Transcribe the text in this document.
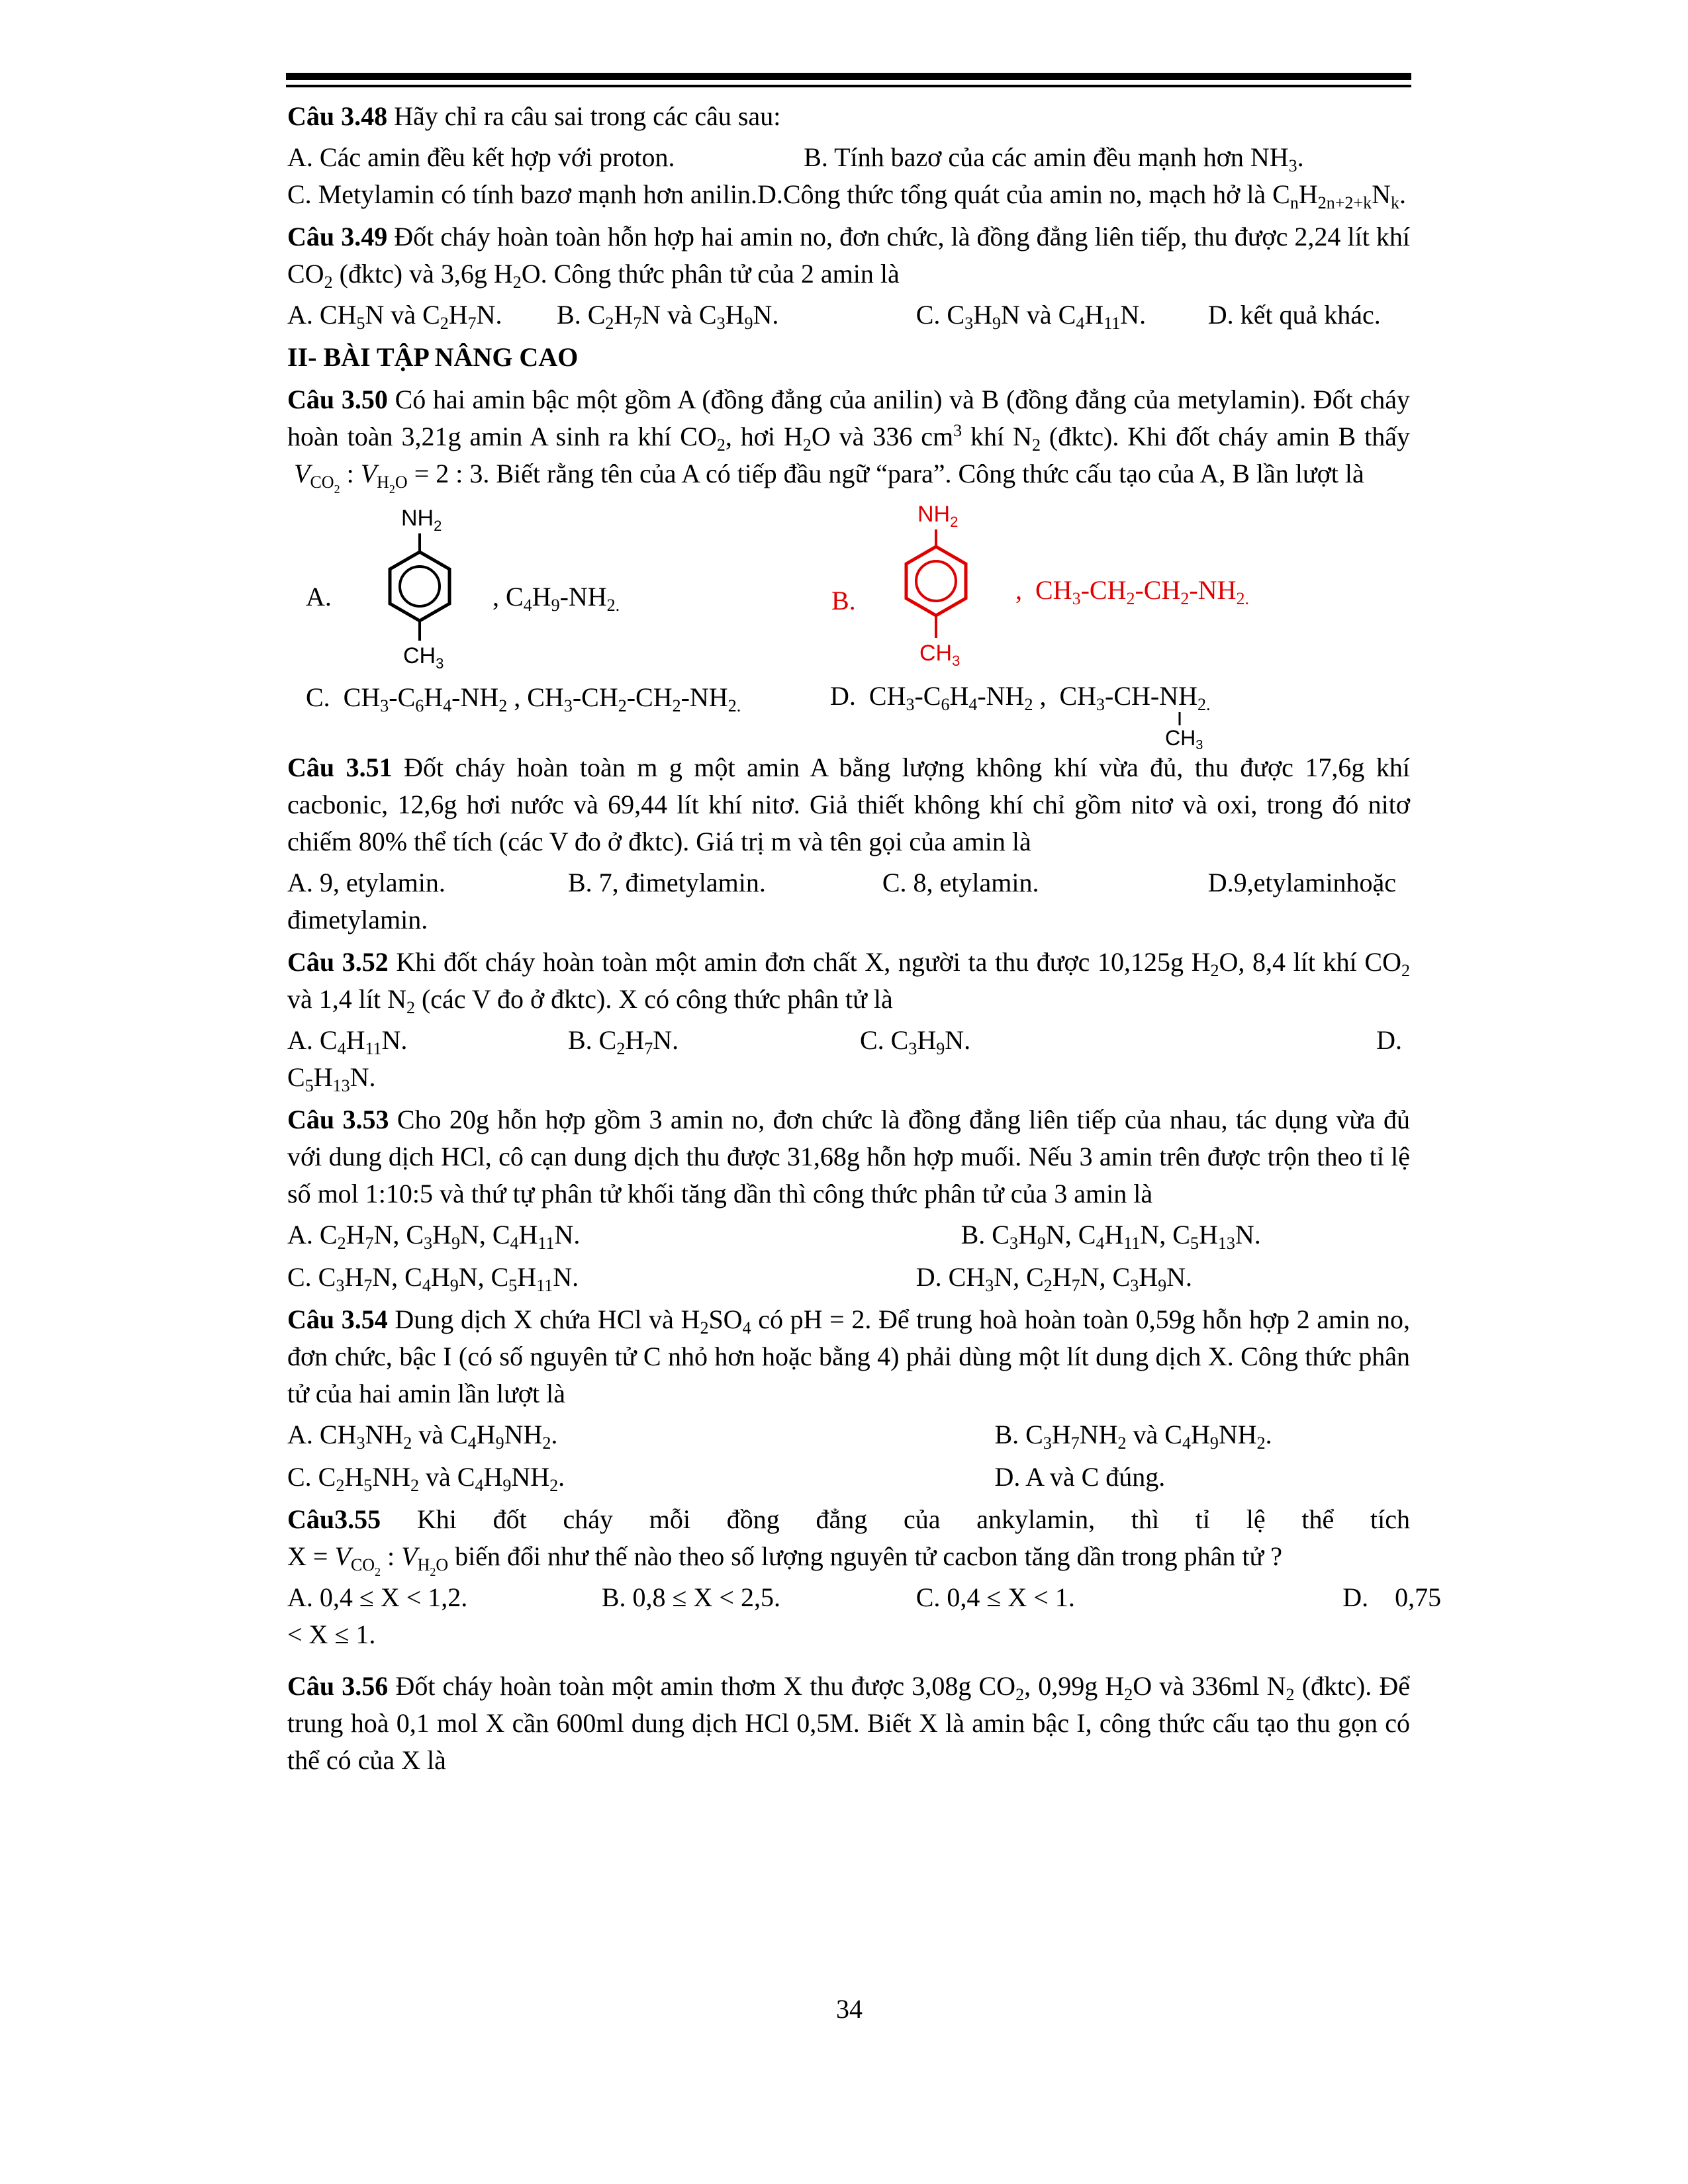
Câu 3.48 Hãy chỉ ra câu sai trong các câu sau:

A. Các amin đều kết hợp với proton.	B. Tính bazơ của các amin đều mạnh hơn $NH_3$.
C. Metylamin có tính bazơ mạnh hơn anilin.D.Công thức tổng quát của amin no, mạch hở là $C_nH_{2n+2+k}N_k$.

Câu 3.49 Đốt cháy hoàn toàn hỗn hợp hai amin no, đơn chức, là đồng đẳng liên tiếp, thu được 2,24 lít khí $CO_2$ (đktc) và 3,6g $H_2O$. Công thức phân tử của 2 amin là

A. $CH_5N$ và $C_2H_7N$.	B. $C_2H_7N$ và $C_3H_9N$.	C. $C_3H_9N$ và $C_4H_{11}N$.	D. kết quả khác.

II- BÀI TẬP NÂNG CAO

Câu 3.50 Có hai amin bậc một gồm A (đồng đẳng của anilin) và B (đồng đẳng của metylamin). Đốt cháy hoàn toàn 3,21g amin A sinh ra khí $CO_2$, hơi $H_2O$ và 336 $cm^3$ khí $N_2$ (đktc). Khi đốt cháy amin B thấy  $V_{CO_2}$ : $V_{H_2O} = 2$ : 3. Biết rằng tên của A có tiếp đầu ngữ “para”. Công thức cấu tạo của A, B lần lượt là

A.
$NH_2$
$CH_3$
, $C_4H_9-NH_{2.}$	B.
$NH_2$
$CH_3$
,  $CH_3-CH_2-CH_2-NH_{2.}$
C.  $CH_3-C_6H_4-NH_2$ , $CH_3-CH_2-CH_2-NH_{2.}$	D.  $CH_3-C_6H_4-NH_2$ ,  $CH_3-CH-NH_{2.}$
CH3

Câu 3.51 Đốt cháy hoàn toàn m g một amin A bằng lượng không khí vừa đủ, thu được 17,6g khí cacbonic, 12,6g hơi nước và 69,44 lít khí nitơ. Giả thiết không khí chỉ gồm nitơ và oxi, trong đó nitơ chiếm 80% thể tích (các V đo ở đktc). Giá trị m và tên gọi của amin là

A. 9, etylamin.	B. 7, đimetylamin.	C. 8, etylamin.	D.9,etylaminhoặc
đimetylamin.

Câu 3.52 Khi đốt cháy hoàn toàn một amin đơn chất X, người ta thu được 10,125g $H_2O$, 8,4 lít khí $CO_2$ và 1,4 lít $N_2$ (các V đo ở đktc). X có công thức phân tử là

A. $C_4H_{11}N$.	B. $C_2H_7N$.	C. $C_3H_9N$.	D.
$C_5H_{13}N$.

Câu 3.53 Cho 20g hỗn hợp gồm 3 amin no, đơn chức là đồng đẳng liên tiếp của nhau, tác dụng vừa đủ với dung dịch HCl, cô cạn dung dịch thu được 31,68g hỗn hợp muối. Nếu 3 amin trên được trộn theo tỉ lệ số mol 1:10:5 và thứ tự phân tử khối tăng dần thì công thức phân tử của 3 amin là

A. $C_2H_7N$, $C_3H_9N$, $C_4H_{11}N$.	B. $C_3H_9N$, $C_4H_{11}N$, $C_5H_{13}N$.
C. $C_3H_7N$, $C_4H_9N$, $C_5H_{11}N$.	D. $CH_3N$, $C_2H_7N$, $C_3H_9N$.

Câu 3.54 Dung dịch X chứa HCl và $H_2SO_4$ có pH = 2. Để trung hoà hoàn toàn 0,59g hỗn hợp 2 amin no, đơn chức, bậc I (có số nguyên tử C nhỏ hơn hoặc bằng 4) phải dùng một lít dung dịch X. Công thức phân tử của hai amin lần lượt là

A. $CH_3NH_2$ và $C_4H_9NH_2$.	B. $C_3H_7NH_2$ và $C_4H_9NH_2$.
C. $C_2H_5NH_2$ và $C_4H_9NH_2$.	D. A và C đúng.

Câu3.55 Khi đốt cháy mỗi đồng đẳng của ankylamin, thì tỉ lệ thể tích

$X = V_{CO_2}$ : $V_{H_2O}$ biến đổi như thế nào theo số lượng nguyên tử cacbon tăng dần trong phân tử ?

A. 0,4 ≤ X < 1,2.	B. 0,8 ≤ X < 2,5.	C. 0,4 ≤ X < 1.	D.    0,75
< X ≤ 1.

Câu 3.56 Đốt cháy hoàn toàn một amin thơm X thu được 3,08g $CO_2$, 0,99g $H_2O$ và 336ml $N_2$ (đktc). Để trung hoà 0,1 mol X cần 600ml dung dịch HCl 0,5M. Biết X là amin bậc I, công thức cấu tạo thu gọn có thể có của X là

34
